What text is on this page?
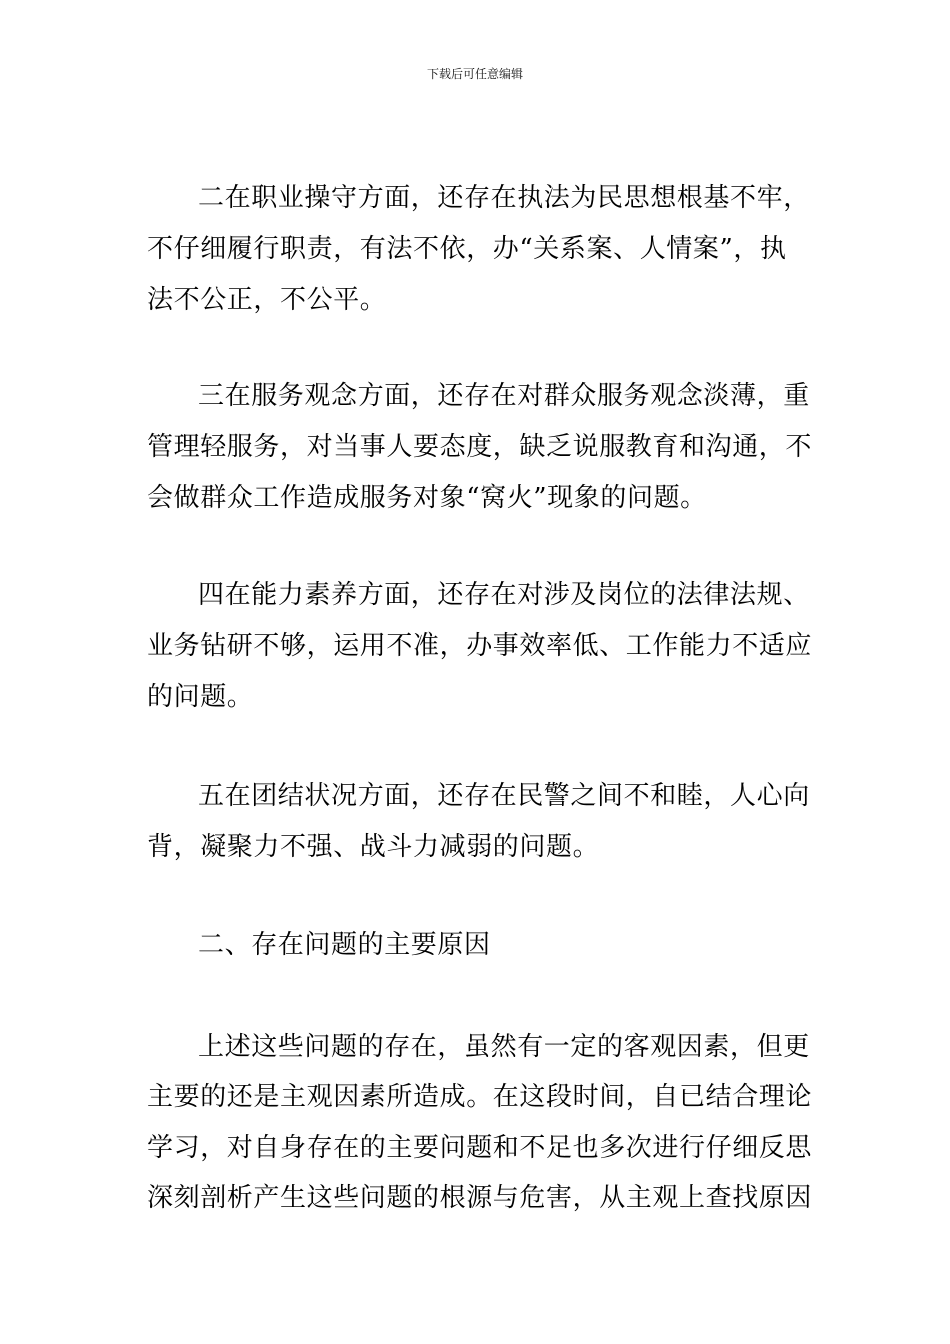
下载后可任意编辑
二在职业操守方面，还存在执法为民思想根基不牢，
不仔细履行职责，有法不依，办“关系案、人情案”，执
法不公正，不公平。
三在服务观念方面，还存在对群众服务观念淡薄，重
管理轻服务，对当事人要态度，缺乏说服教育和沟通，不
会做群众工作造成服务对象“窝火”现象的问题。
四在能力素养方面，还存在对涉及岗位的法律法规、
业务钻研不够，运用不准，办事效率低、工作能力不适应
的问题。
五在团结状况方面，还存在民警之间不和睦，人心向
背，凝聚力不强、战斗力减弱的问题。
二、存在问题的主要原因
上述这些问题的存在，虽然有一定的客观因素，但更
主要的还是主观因素所造成。在这段时间，自已结合理论
学习，对自身存在的主要问题和不足也多次进行仔细反思
深刻剖析产生这些问题的根源与危害，从主观上查找原因
